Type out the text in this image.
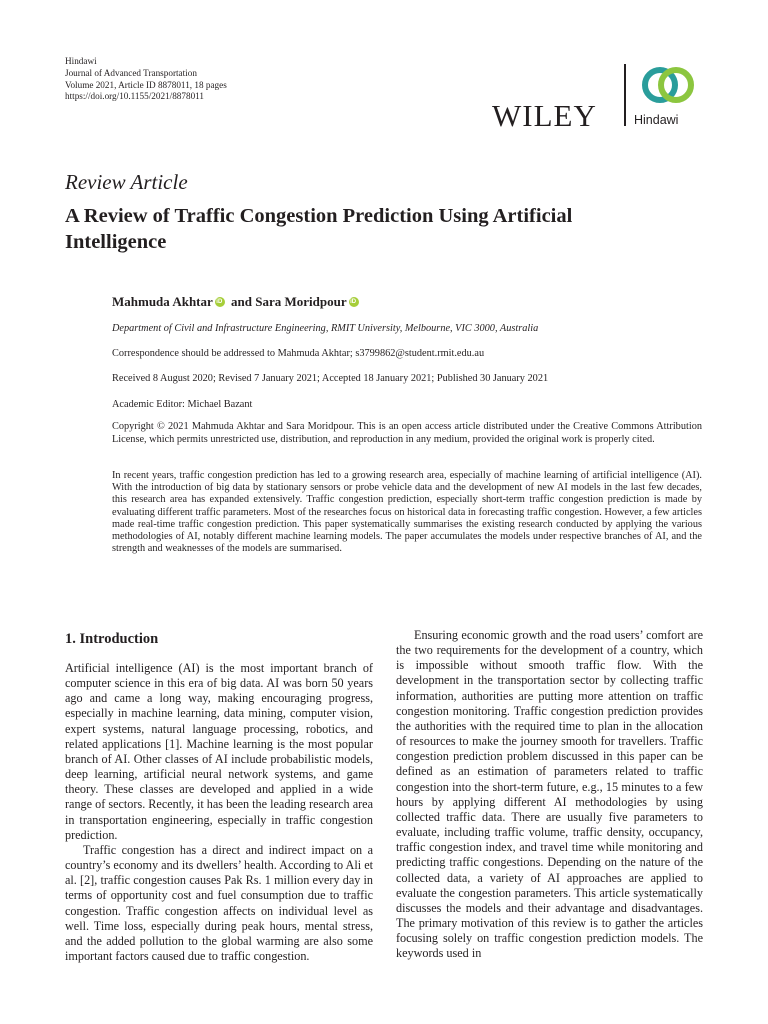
Hindawi
Journal of Advanced Transportation
Volume 2021, Article ID 8878011, 18 pages
https://doi.org/10.1155/2021/8878011
WILEY	Hindawi
Review Article
A Review of Traffic Congestion Prediction Using Artificial Intelligence
Mahmuda AkhtariD and Sara MoridpouriD
Department of Civil and Infrastructure Engineering, RMIT University, Melbourne, VIC 3000, Australia
Correspondence should be addressed to Mahmuda Akhtar; s3799862@student.rmit.edu.au
Received 8 August 2020; Revised 7 January 2021; Accepted 18 January 2021; Published 30 January 2021
Academic Editor: Michael Bazant
Copyright © 2021 Mahmuda Akhtar and Sara Moridpour. This is an open access article distributed under the Creative Commons Attribution License, which permits unrestricted use, distribution, and reproduction in any medium, provided the original work is properly cited.
In recent years, traffic congestion prediction has led to a growing research area, especially of machine learning of artificial intelligence (AI). With the introduction of big data by stationary sensors or probe vehicle data and the development of new AI models in the last few decades, this research area has expanded extensively. Traffic congestion prediction, especially short-term traffic congestion prediction is made by evaluating different traffic parameters. Most of the researches focus on historical data in forecasting traffic congestion. However, a few articles made real-time traffic congestion prediction. This paper systematically summarises the existing research conducted by applying the various methodologies of AI, notably different machine learning models. The paper accumulates the models under respective branches of AI, and the strength and weaknesses of the models are summarised.
1. Introduction

Artificial intelligence (AI) is the most important branch of computer science in this era of big data. AI was born 50 years ago and came a long way, making encouraging progress, especially in machine learning, data mining, computer vision, expert systems, natural language processing, robotics, and related applications [1]. Machine learning is the most popular branch of AI. Other classes of AI include probabilistic models, deep learning, artificial neural network systems, and game theory. These classes are developed and applied in a wide range of sectors. Recently, it has been the leading research area in transportation engineering, especially in traffic congestion prediction.

Traffic congestion has a direct and indirect impact on a country’s economy and its dwellers’ health. According to Ali et al. [2], traffic congestion causes Pak Rs. 1 million every day in terms of opportunity cost and fuel consumption due to traffic congestion. Traffic congestion affects on individual level as well. Time loss, especially during peak hours, mental stress, and the added pollution to the global warming are also some important factors caused due to traffic congestion.

Ensuring economic growth and the road users’ comfort are the two requirements for the development of a country, which is impossible without smooth traffic flow. With the development in the transportation sector by collecting traffic information, authorities are putting more attention on traffic congestion monitoring. Traffic congestion prediction provides the authorities with the required time to plan in the allocation of resources to make the journey smooth for travellers. Traffic congestion prediction problem discussed in this paper can be defined as an estimation of parameters related to traffic congestion into the short-term future, e.g., 15 minutes to a few hours by applying different AI methodologies by using collected traffic data. There are usually five parameters to evaluate, including traffic volume, traffic density, occupancy, traffic congestion index, and travel time while monitoring and predicting traffic congestions. Depending on the nature of the collected data, a variety of AI approaches are applied to evaluate the congestion parameters. This article systematically discusses the models and their advantage and disadvantages. The primary motivation of this review is to gather the articles focusing solely on traffic congestion prediction models. The keywords used in
